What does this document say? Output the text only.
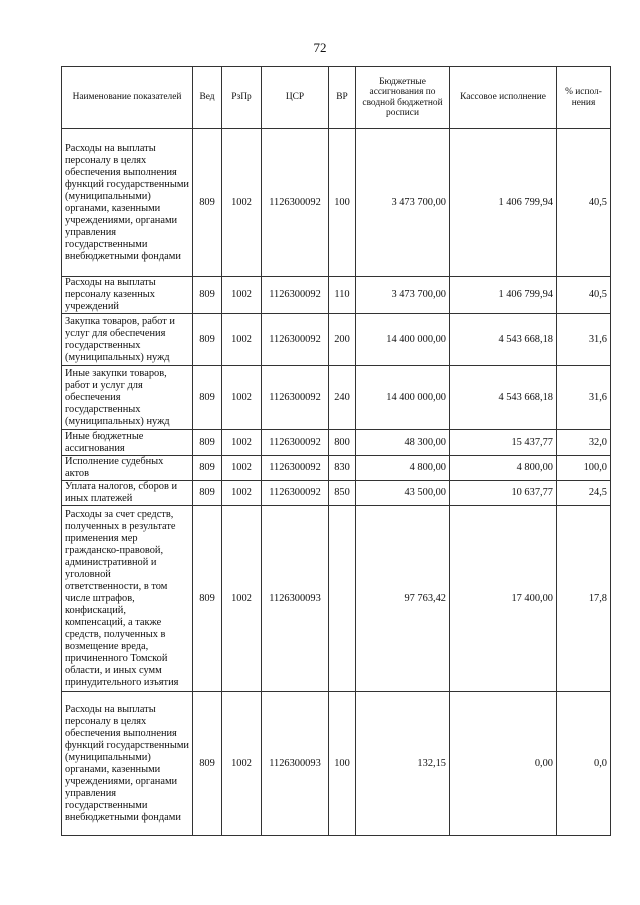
72
Наименование показателей	Вед	РзПр	ЦСР	ВР	Бюджетные ассигнования по сводной бюджетной росписи	Кассовое исполнение	% испол-нения
Расходы на выплаты персоналу в целях обеспечения выполнения функций государственными (муниципальными) органами, казенными учреждениями, органами управления государственными внебюджетными фондами	809	1002	1126300092	100	3 473 700,00	1 406 799,94	40,5
Расходы на выплаты персоналу казенных учреждений	809	1002	1126300092	110	3 473 700,00	1 406 799,94	40,5
Закупка товаров, работ и услуг для обеспечения государственных (муниципальных) нужд	809	1002	1126300092	200	14 400 000,00	4 543 668,18	31,6
Иные закупки товаров, работ и услуг для обеспечения государственных (муниципальных) нужд	809	1002	1126300092	240	14 400 000,00	4 543 668,18	31,6
Иные бюджетные ассигнования	809	1002	1126300092	800	48 300,00	15 437,77	32,0
Исполнение судебных актов	809	1002	1126300092	830	4 800,00	4 800,00	100,0
Уплата налогов, сборов и иных платежей	809	1002	1126300092	850	43 500,00	10 637,77	24,5
Расходы за счет средств, полученных в результате применения мер гражданско-правовой, административной и уголовной ответственности, в том числе штрафов, конфискаций, компенсаций, а также средств, полученных в возмещение вреда, причиненного Томской области, и иных сумм принудительного изъятия	809	1002	1126300093		97 763,42	17 400,00	17,8
Расходы на выплаты персоналу в целях обеспечения выполнения функций государственными (муниципальными) органами, казенными учреждениями, органами управления государственными внебюджетными фондами	809	1002	1126300093	100	132,15	0,00	0,0
